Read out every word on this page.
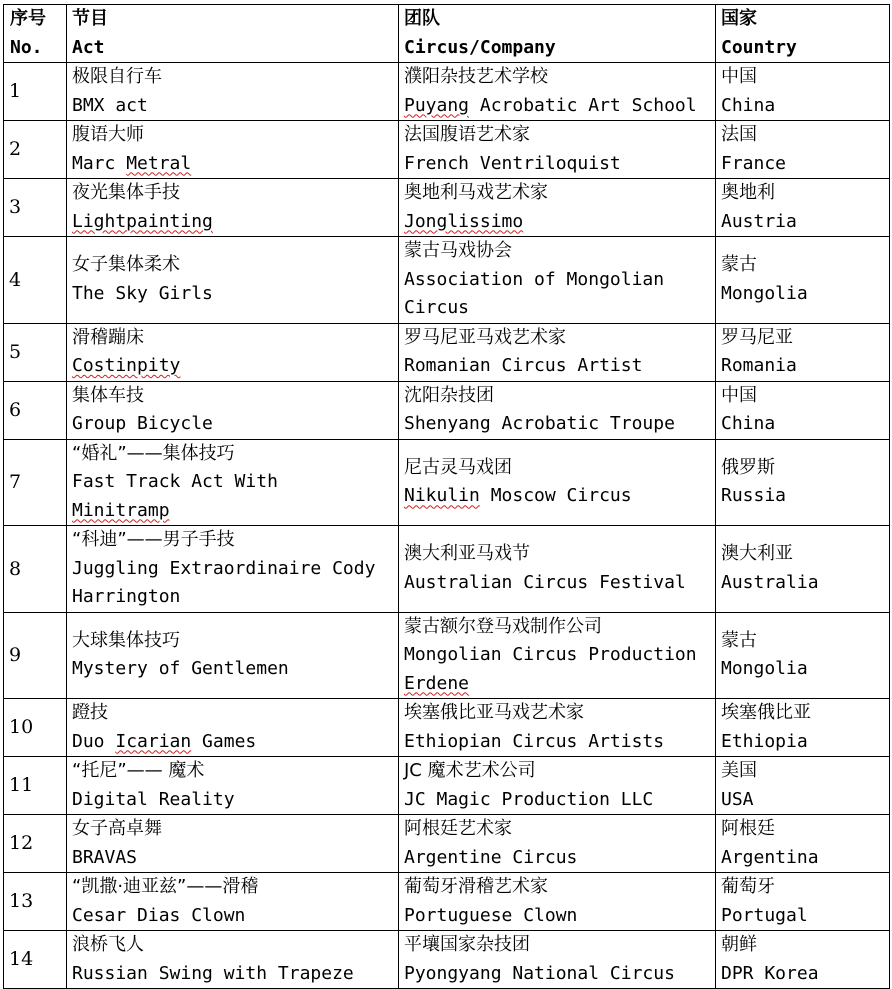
序号
No.	节目
Act	团队
Circus/Company	国家
Country

1	极限自行车
BMX act	濮阳杂技艺术学校
Puyang Acrobatic Art School	中国
China

2	腹语大师
Marc Metral	法国腹语艺术家
French Ventriloquist	法国
France

3	夜光集体手技
Lightpainting	奥地利马戏艺术家
Jonglissimo	奥地利
Austria

4	女子集体柔术
The Sky Girls	蒙古马戏协会
Association of Mongolian
Circus	蒙古
Mongolia

5	滑稽蹦床
Costinpity	罗马尼亚马戏艺术家
Romanian Circus Artist	罗马尼亚
Romania

6	集体车技
Group Bicycle	沈阳杂技团
Shenyang Acrobatic Troupe	中国
China

7	“婚礼”——集体技巧
Fast Track Act With
Minitramp	尼古灵马戏团
Nikulin Moscow Circus	俄罗斯
Russia

8	“科迪”——男子手技
Juggling Extraordinaire Cody
Harrington	澳大利亚马戏节
Australian Circus Festival	澳大利亚
Australia

9	大球集体技巧
Mystery of Gentlemen	蒙古额尔登马戏制作公司
Mongolian Circus Production
Erdene	蒙古
Mongolia

10	蹬技
Duo Icarian Games	埃塞俄比亚马戏艺术家
Ethiopian Circus Artists	埃塞俄比亚
Ethiopia

11	“托尼”—— 魔术
Digital Reality	JC 魔术艺术公司
JC Magic Production LLC	美国
USA

12	女子高卓舞
BRAVAS	阿根廷艺术家
Argentine Circus	阿根廷
Argentina

13	“凯撒·迪亚兹”——滑稽
Cesar Dias Clown	葡萄牙滑稽艺术家
Portuguese Clown	葡萄牙
Portugal

14	浪桥飞人
Russian Swing with Trapeze	平壤国家杂技团
Pyongyang National Circus	朝鲜
DPR Korea
